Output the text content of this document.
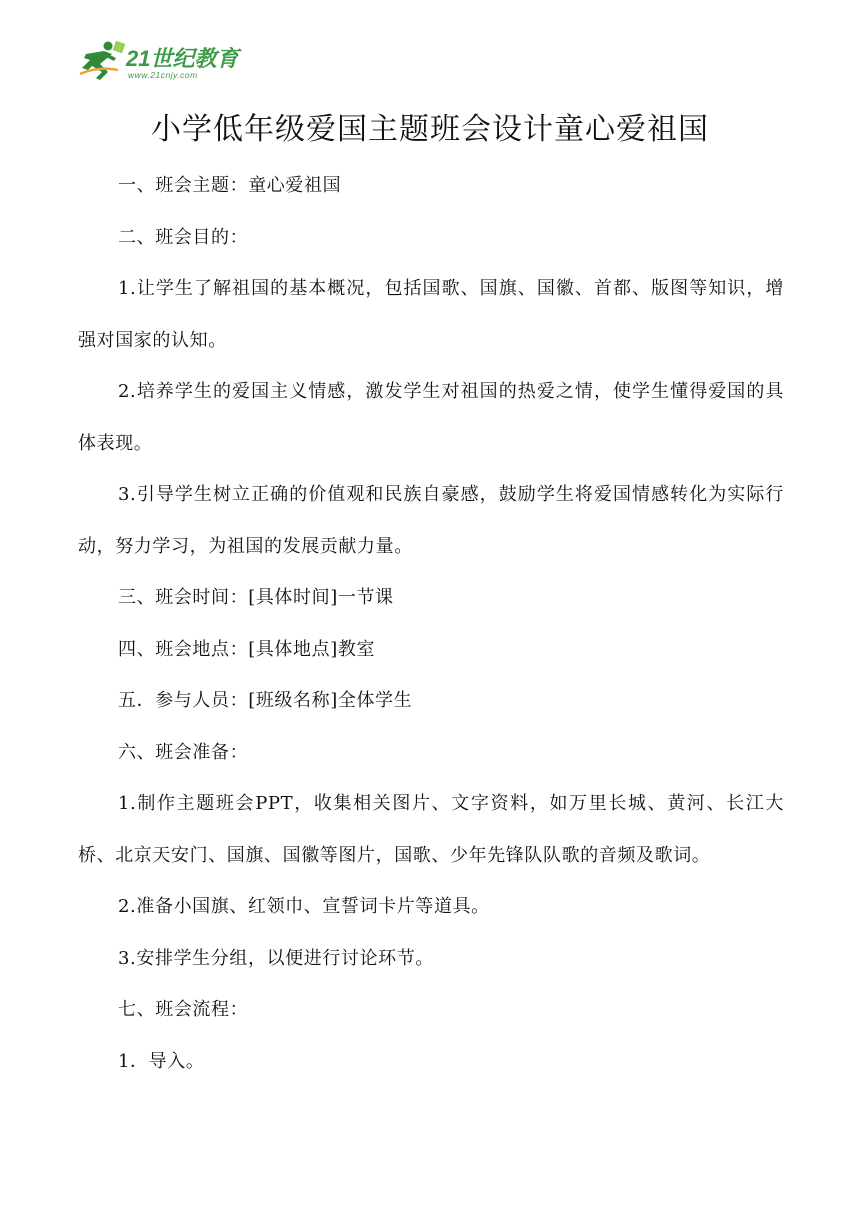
21世纪教育
www.21cnjy.com
小学低年级爱国主题班会设计童心爱祖国

一、班会主题：童心爱祖国

二、班会目的：

1.让学生了解祖国的基本概况，包括国歌、国旗、国徽、首都、版图等知识，增强对国家的认知。

2.培养学生的爱国主义情感，激发学生对祖国的热爱之情，使学生懂得爱国的具体表现。

3.引导学生树立正确的价值观和民族自豪感，鼓励学生将爱国情感转化为实际行动，努力学习，为祖国的发展贡献力量。

三、班会时间：[具体时间]一节课

四、班会地点：[具体地点]教室

五．参与人员：[班级名称]全体学生

六、班会准备：

1.制作主题班会PPT，收集相关图片、文字资料，如万里长城、黄河、长江大桥、北京天安门、国旗、国徽等图片，国歌、少年先锋队队歌的音频及歌词。

2.准备小国旗、红领巾、宣誓词卡片等道具。

3.安排学生分组，以便进行讨论环节。

七、班会流程：

1．导入。
